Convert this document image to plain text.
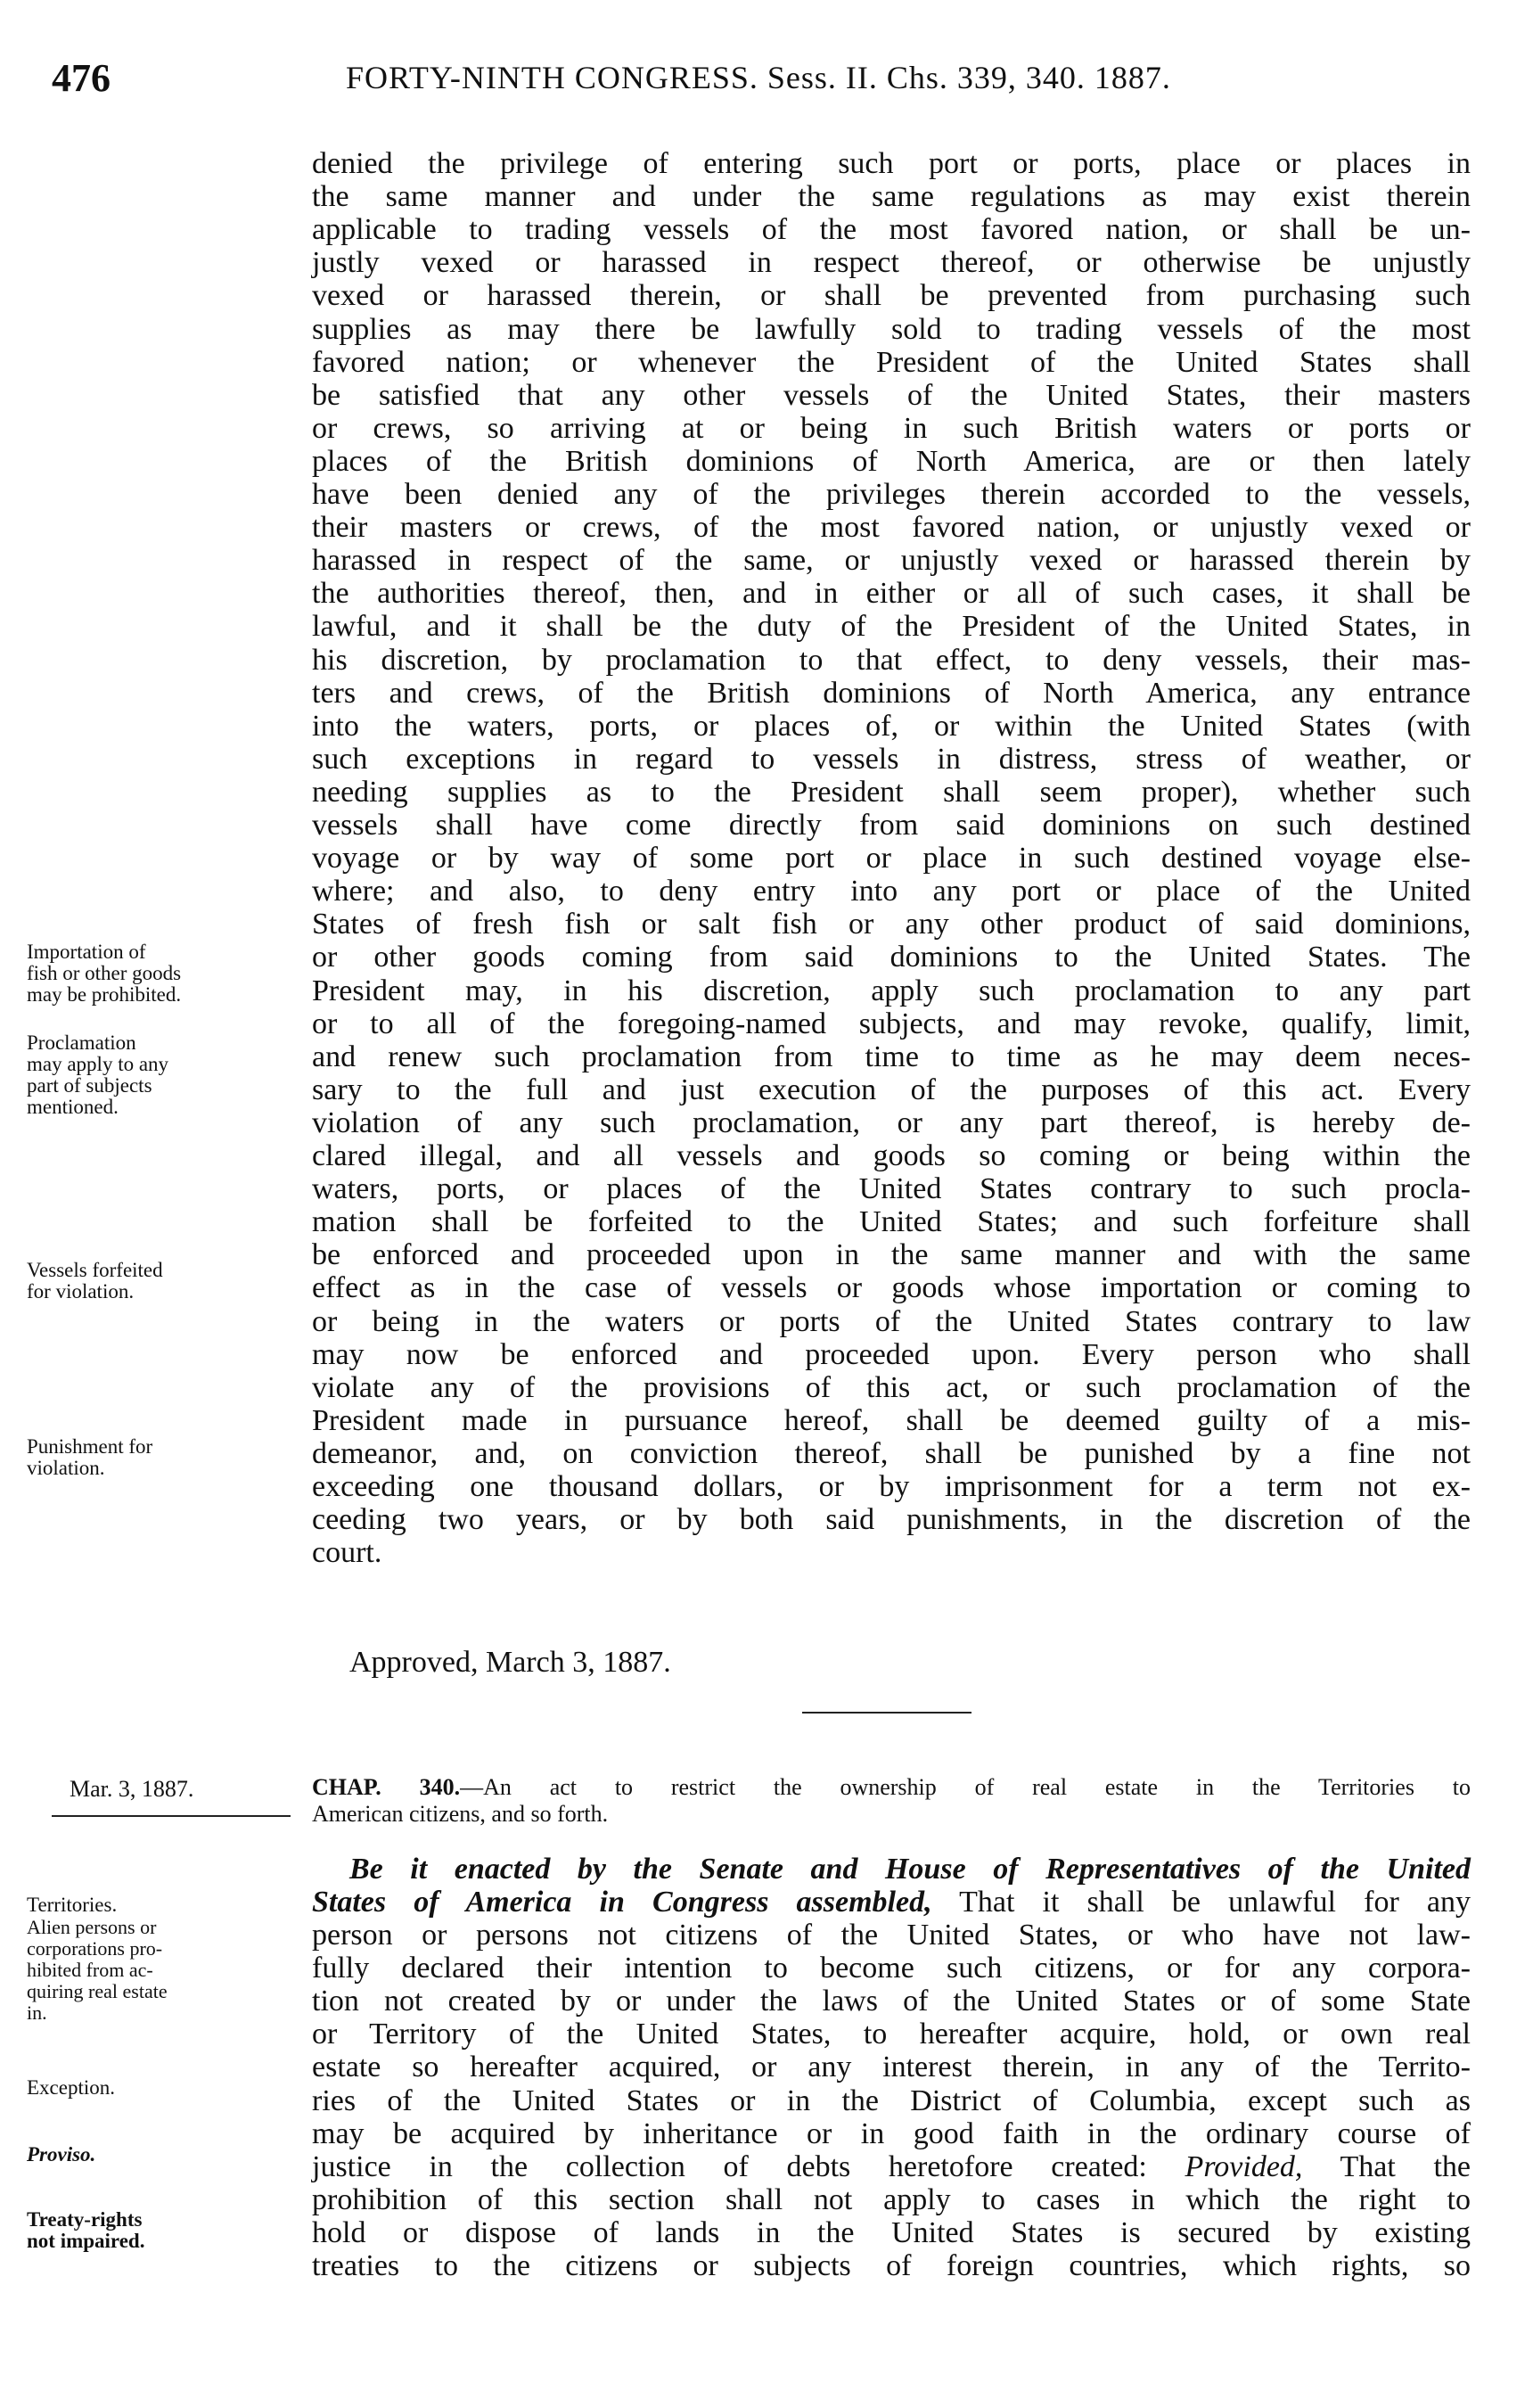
476	FORTY-NINTH CONGRESS. Sess. II. Chs. 339, 340. 1887.
denied the privilege of entering such port or ports, place or places in
the same manner and under the same regulations as may exist therein
applicable to trading vessels of the most favored nation, or shall be un-
justly vexed or harassed in respect thereof, or otherwise be unjustly
vexed or harassed therein, or shall be prevented from purchasing such
supplies as may there be lawfully sold to trading vessels of the most
favored nation; or whenever the President of the United States shall
be satisfied that any other vessels of the United States, their masters
or crews, so arriving at or being in such British waters or ports or
places of the British dominions of North America, are or then lately
have been denied any of the privileges therein accorded to the vessels,
their masters or crews, of the most favored nation, or unjustly vexed or
harassed in respect of the same, or unjustly vexed or harassed therein by
the authorities thereof, then, and in either or all of such cases, it shall be
lawful, and it shall be the duty of the President of the United States, in
his discretion, by proclamation to that effect, to deny vessels, their mas-
ters and crews, of the British dominions of North America, any entrance
into the waters, ports, or places of, or within the United States (with
such exceptions in regard to vessels in distress, stress of weather, or
needing supplies as to the President shall seem proper), whether such
vessels shall have come directly from said dominions on such destined
voyage or by way of some port or place in such destined voyage else-
where; and also, to deny entry into any port or place of the United
States of fresh fish or salt fish or any other product of said dominions,
or other goods coming from said dominions to the United States. The
President may, in his discretion, apply such proclamation to any part
or to all of the foregoing-named subjects, and may revoke, qualify, limit,
and renew such proclamation from time to time as he may deem neces-
sary to the full and just execution of the purposes of this act. Every
violation of any such proclamation, or any part thereof, is hereby de-
clared illegal, and all vessels and goods so coming or being within the
waters, ports, or places of the United States contrary to such procla-
mation shall be forfeited to the United States; and such forfeiture shall
be enforced and proceeded upon in the same manner and with the same
effect as in the case of vessels or goods whose importation or coming to
or being in the waters or ports of the United States contrary to law
may now be enforced and proceeded upon. Every person who shall
violate any of the provisions of this act, or such proclamation of the
President made in pursuance hereof, shall be deemed guilty of a mis-
demeanor, and, on conviction thereof, shall be punished by a fine not
exceeding one thousand dollars, or by imprisonment for a term not ex-
ceeding two years, or by both said punishments, in the discretion of the
court.
Importation of
fish or other goods
may be prohibited.
Proclamation
may apply to any
part of subjects
mentioned.
Vessels forfeited
for violation.
Punishment for
violation.
Approved, March 3, 1887.
Mar. 3, 1887.	CHAP. 340.—An act to restrict the ownership of real estate in the Territories to
American citizens, and so forth.
Be it enacted by the Senate and House of Representatives of the United
States of America in Congress assembled, That it shall be unlawful for any
person or persons not citizens of the United States, or who have not law-
fully declared their intention to become such citizens, or for any corpora-
tion not created by or under the laws of the United States or of some State
or Territory of the United States, to hereafter acquire, hold, or own real
estate so hereafter acquired, or any interest therein, in any of the Territo-
ries of the United States or in the District of Columbia, except such as
may be acquired by inheritance or in good faith in the ordinary course of
justice in the collection of debts heretofore created: Provided, That the
prohibition of this section shall not apply to cases in which the right to
hold or dispose of lands in the United States is secured by existing
treaties to the citizens or subjects of foreign countries, which rights, so
Territories.
Alien persons or
corporations pro-
hibited from ac-
quiring real estate
in.
Exception.
Proviso.
Treaty-rights
not impaired.
